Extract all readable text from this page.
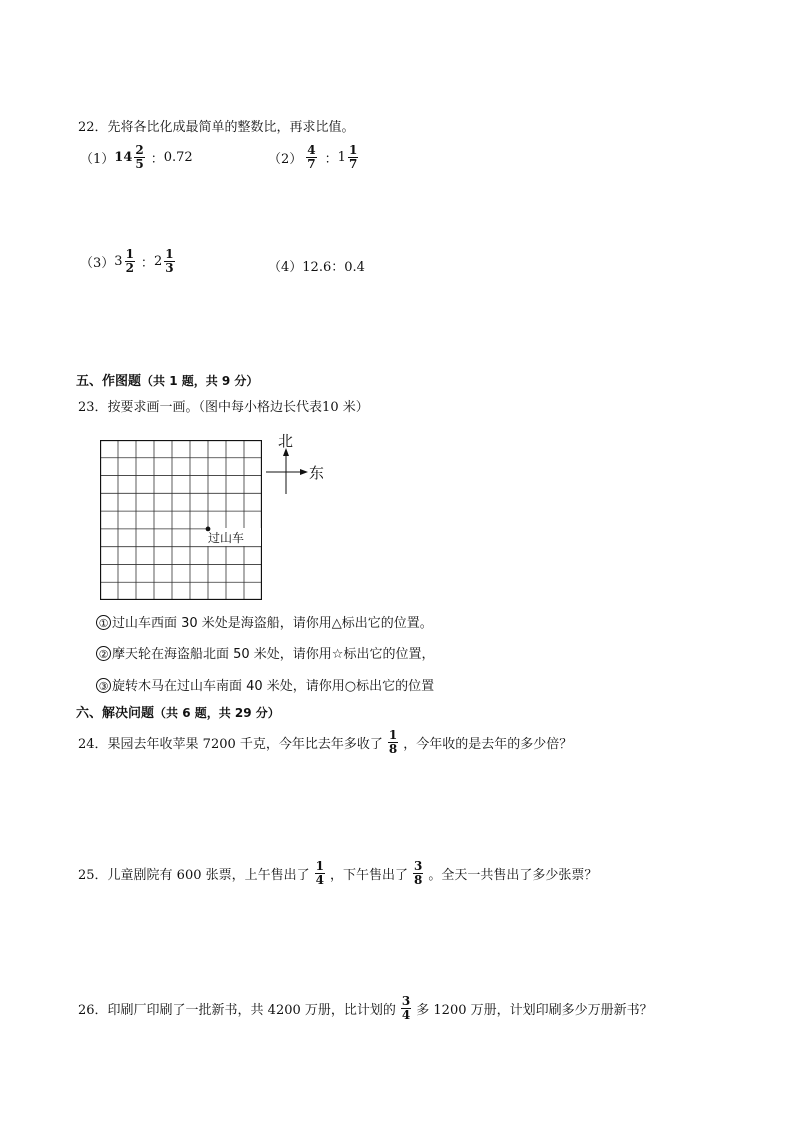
22．先将各比化成最简单的整数比，再求比值。
（1） $14 \frac{2}{5}$ ： 0.72	$(2) \frac{4}{7}$ ： $1 \frac{1}{7}$
（3） $3 \frac{1}{2}$ ： $2 \frac{1}{3}$	（4）12.6：0.4
五、作图题（共 1 题，共 9 分）
23．按要求画一画。（图中每小格边长代表10 米）
过山车
北
东
① 过山车西面 30 米处是海盗船，请你用△标出它的位置。
② 摩天轮在海盗船北面 50 米处，请你用☆标出它的位置，
③ 旋转木马在过山车南面 40 米处，请你用○标出它的位置
六、解决问题（共 6 题，共 29 分）
24．果园去年收苹果 7200 千克，今年比去年多收了 $\frac{1}{8}$ ，今年收的是去年的多少倍？
25．儿童剧院有 600 张票，上午售出了 $\frac{1}{4}$ ，下午售出了 $\frac{3}{8}$ 。全天一共售出了多少张票？
26．印刷厂印刷了一批新书，共 4200 万册，比计划的 $\frac{3}{4}$ 多 1200 万册，计划印刷多少万册新书？
